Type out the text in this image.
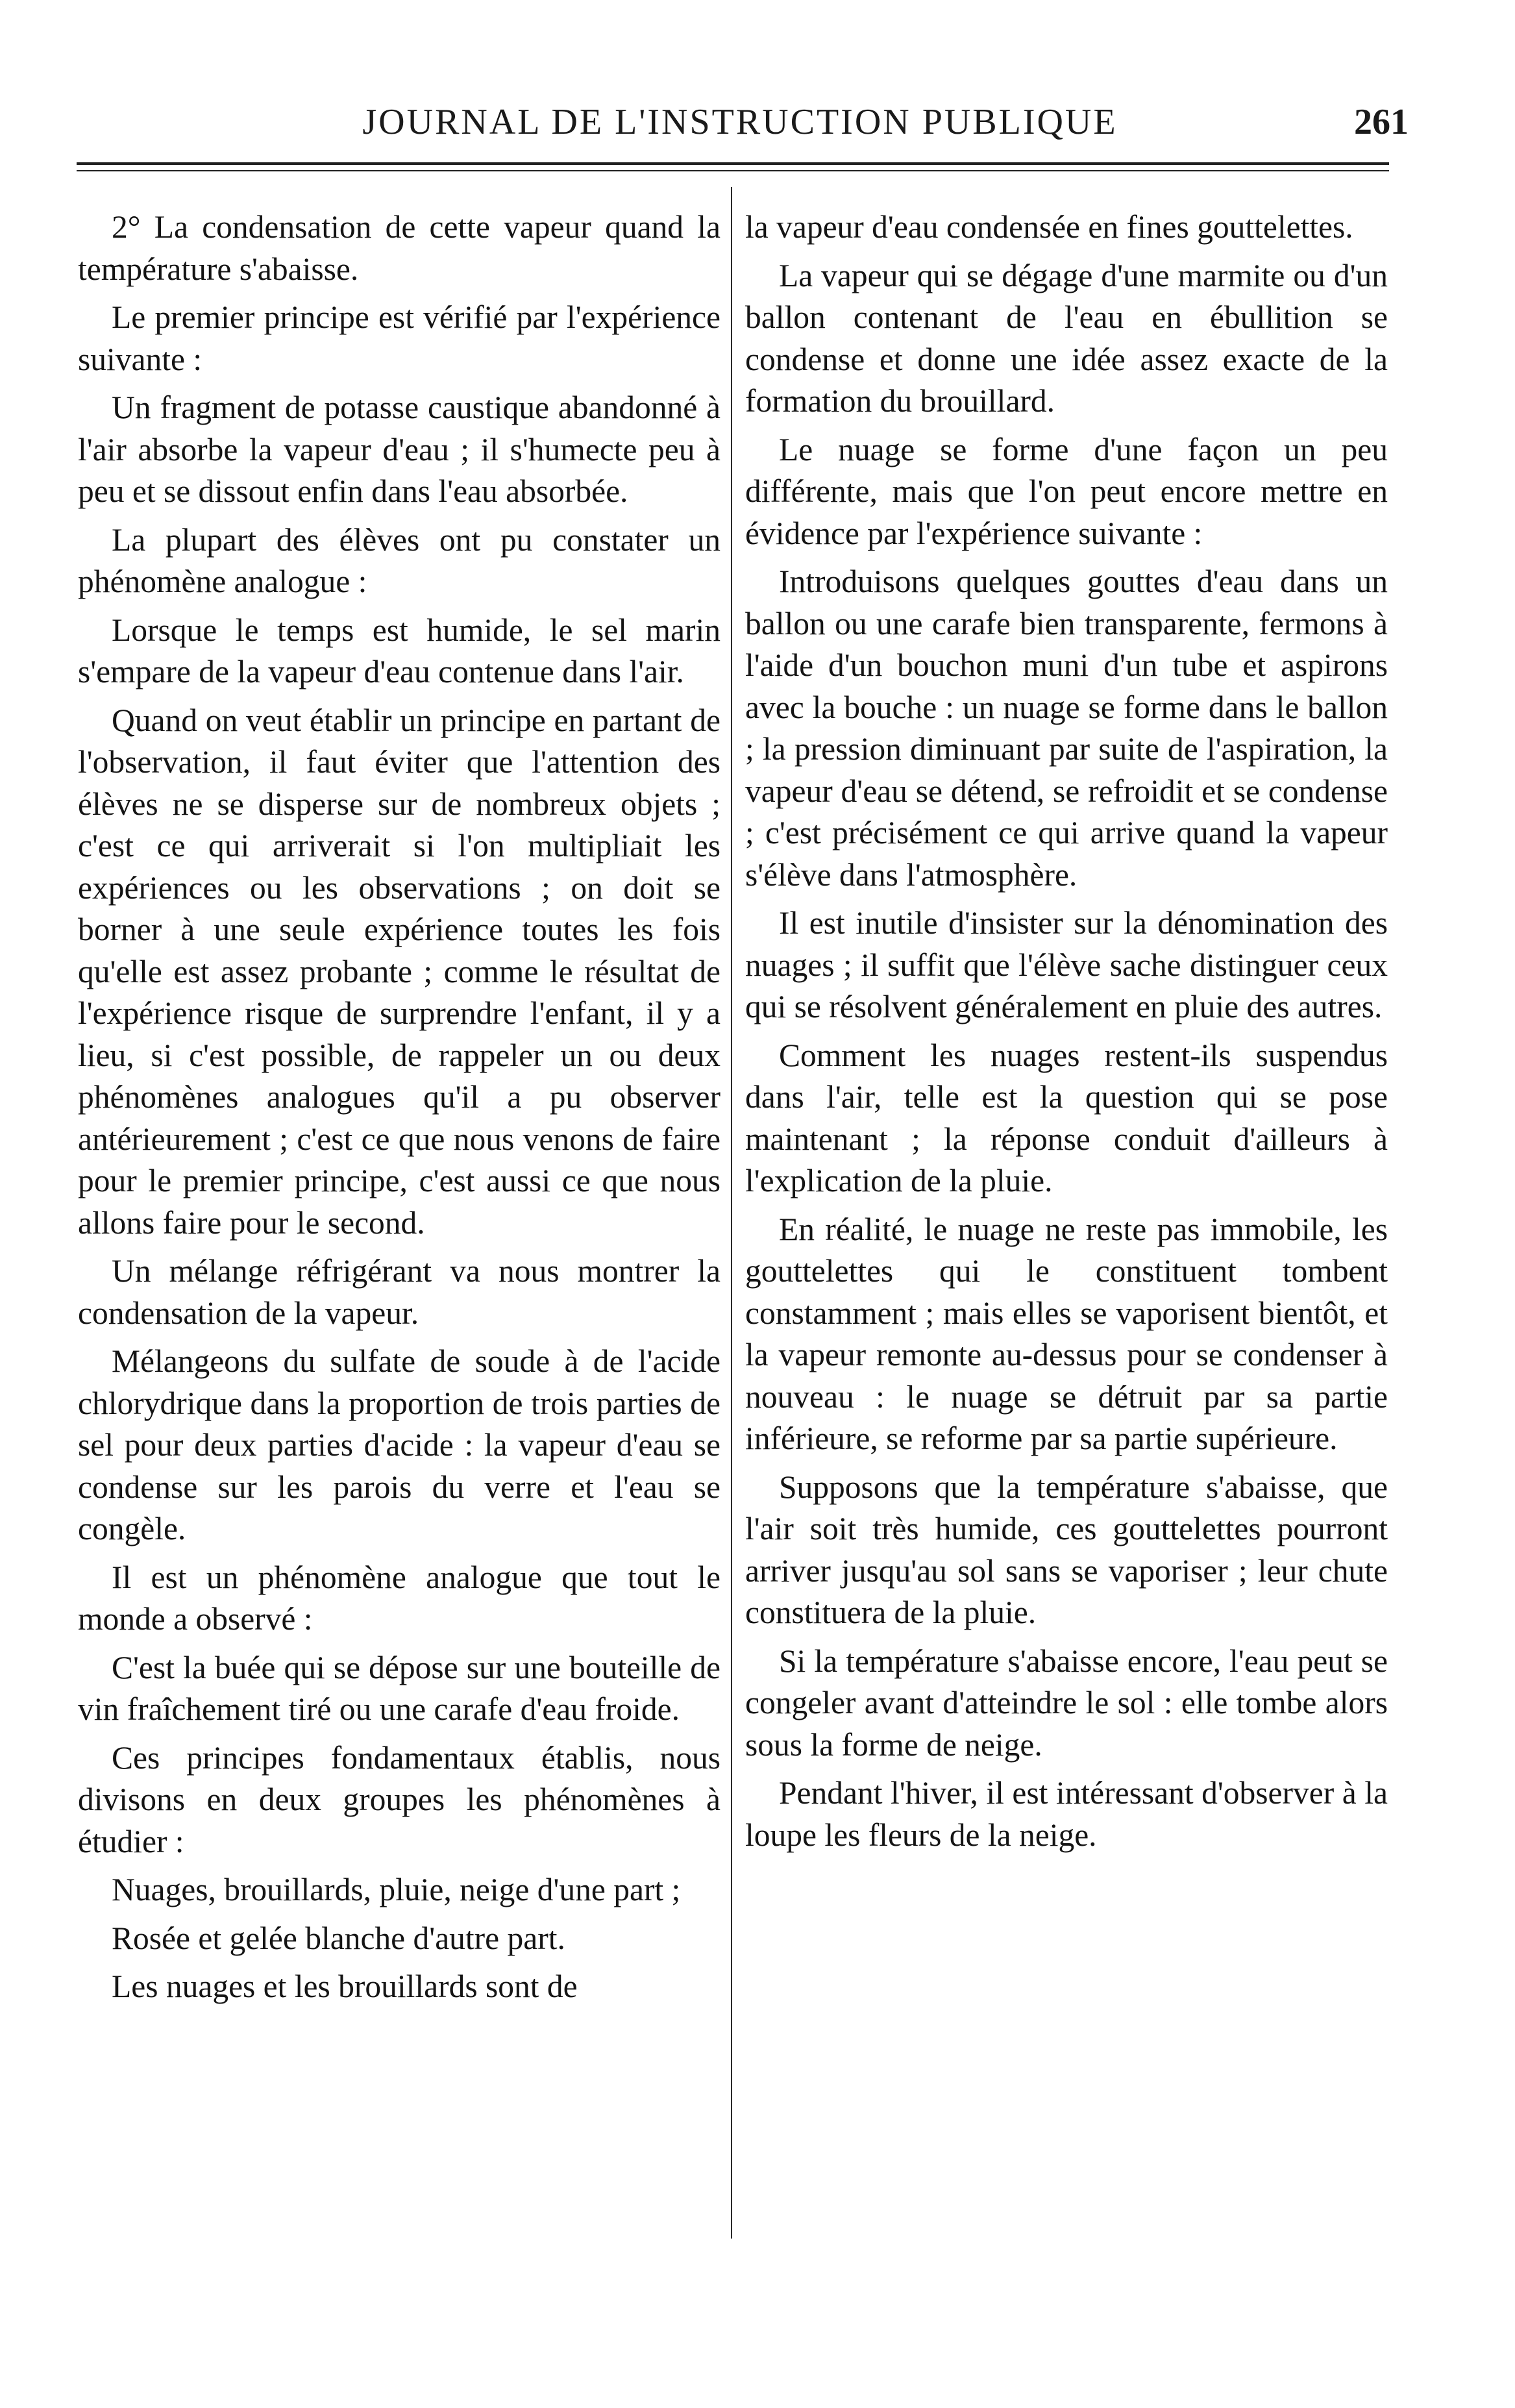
JOURNAL DE L'INSTRUCTION PUBLIQUE	261

2° La condensation de cette vapeur quand la température s'abaisse.

Le premier principe est vérifié par l'expérience suivante :

Un fragment de potasse caustique abandonné à l'air absorbe la vapeur d'eau ; il s'humecte peu à peu et se dissout enfin dans l'eau absorbée.

La plupart des élèves ont pu constater un phénomène analogue :

Lorsque le temps est humide, le sel marin s'empare de la vapeur d'eau contenue dans l'air.

Quand on veut établir un principe en partant de l'observation, il faut éviter que l'attention des élèves ne se disperse sur de nombreux objets ; c'est ce qui arriverait si l'on multipliait les expériences ou les observations ; on doit se borner à une seule expérience toutes les fois qu'elle est assez probante ; comme le résultat de l'expérience risque de surprendre l'enfant, il y a lieu, si c'est possible, de rappeler un ou deux phénomènes analogues qu'il a pu observer antérieurement ; c'est ce que nous venons de faire pour le premier principe, c'est aussi ce que nous allons faire pour le second.

Un mélange réfrigérant va nous montrer la condensation de la vapeur.

Mélangeons du sulfate de soude à de l'acide chlorydrique dans la proportion de trois parties de sel pour deux parties d'acide : la vapeur d'eau se condense sur les parois du verre et l'eau se congèle.

Il est un phénomène analogue que tout le monde a observé :

C'est la buée qui se dépose sur une bouteille de vin fraîchement tiré ou une carafe d'eau froide.

Ces principes fondamentaux établis, nous divisons en deux groupes les phénomènes à étudier :

Nuages, brouillards, pluie, neige d'une part ;

Rosée et gelée blanche d'autre part.

Les nuages et les brouillards sont de

la vapeur d'eau condensée en fines gouttelettes.

La vapeur qui se dégage d'une marmite ou d'un ballon contenant de l'eau en ébullition se condense et donne une idée assez exacte de la formation du brouillard.

Le nuage se forme d'une façon un peu différente, mais que l'on peut encore mettre en évidence par l'expérience suivante :

Introduisons quelques gouttes d'eau dans un ballon ou une carafe bien transparente, fermons à l'aide d'un bouchon muni d'un tube et aspirons avec la bouche : un nuage se forme dans le ballon ; la pression diminuant par suite de l'aspiration, la vapeur d'eau se détend, se refroidit et se condense ; c'est précisément ce qui arrive quand la vapeur s'élève dans l'atmosphère.

Il est inutile d'insister sur la dénomination des nuages ; il suffit que l'élève sache distinguer ceux qui se résolvent généralement en pluie des autres.

Comment les nuages restent-ils suspendus dans l'air, telle est la question qui se pose maintenant ; la réponse conduit d'ailleurs à l'explication de la pluie.

En réalité, le nuage ne reste pas immobile, les gouttelettes qui le constituent tombent constamment ; mais elles se vaporisent bientôt, et la vapeur remonte au-dessus pour se condenser à nouveau : le nuage se détruit par sa partie inférieure, se reforme par sa partie supérieure.

Supposons que la température s'abaisse, que l'air soit très humide, ces gouttelettes pourront arriver jusqu'au sol sans se vaporiser ; leur chute constituera de la pluie.

Si la température s'abaisse encore, l'eau peut se congeler avant d'atteindre le sol : elle tombe alors sous la forme de neige.

Pendant l'hiver, il est intéressant d'observer à la loupe les fleurs de la neige.
